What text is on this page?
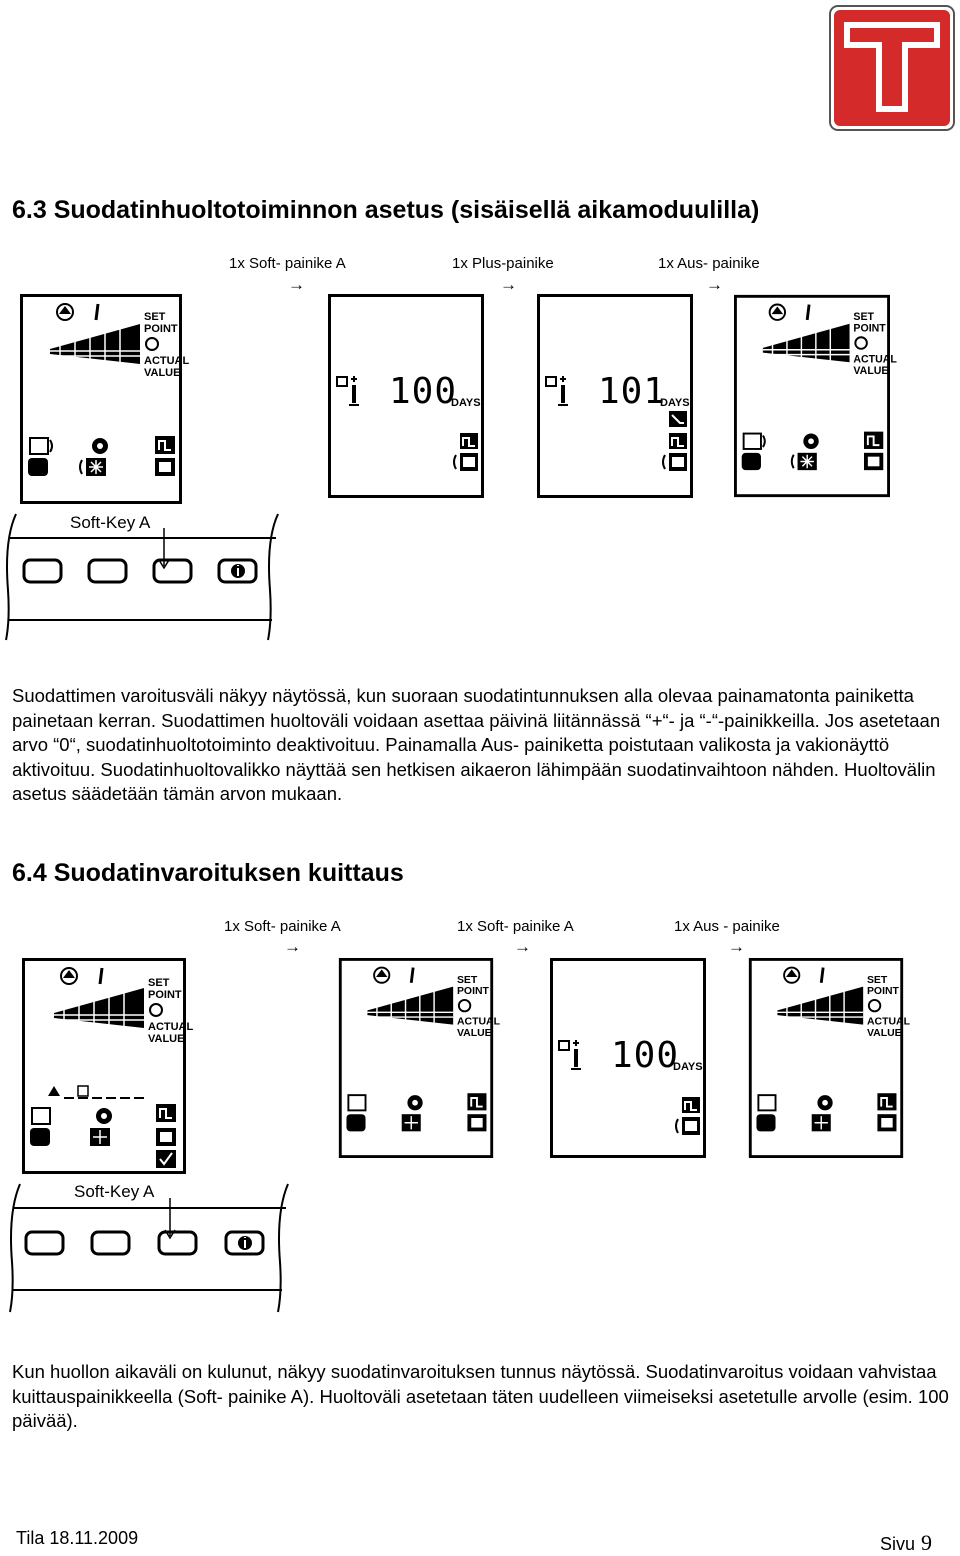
6.3 Suodatinhuoltotoiminnon asetus (sisäisellä aikamoduulilla)
1x Soft- painike A	1x Plus-painike	1x Aus- painike
→	→	→
SET
POINT
ACTUAL
VALUE	100
DAYS	101
DAYS
SET
POINT
ACTUAL
VALUE
Soft-Key A

Suodattimen varoitusväli näkyy näytössä, kun suoraan suodatintunnuksen alla olevaa painamatonta painiketta painetaan kerran. Suodattimen huoltoväli voidaan asettaa päivinä liitännässä “+“- ja “-“-painikkeilla. Jos asetetaan arvo “0“, suodatinhuoltotoiminto deaktivoituu. Painamalla Aus- painiketta poistutaan valikosta ja vakionäyttö aktivoituu. Suodatinhuoltovalikko näyttää sen hetkisen aikaeron lähimpään suodatinvaihtoon nähden. Huoltovälin asetus säädetään tämän arvon mukaan.

6.4 Suodatinvaroituksen kuittaus
1x Soft- painike A	1x Soft- painike A	1x Aus - painike
→	→	→
SET
POINT
ACTUAL
VALUE
SET
POINT
ACTUAL
VALUE
100
DAYS
SET
POINT
ACTUAL
VALUE
Soft-Key A

Kun huollon aikaväli on kulunut, näkyy suodatinvaroituksen tunnus näytössä. Suodatinvaroitus voidaan vahvistaa kuittauspainikkeella (Soft- painike A). Huoltoväli asetetaan täten uudelleen viimeiseksi asetetulle arvolle (esim. 100 päivää).

Tila 18.11.2009	Sivu 9
